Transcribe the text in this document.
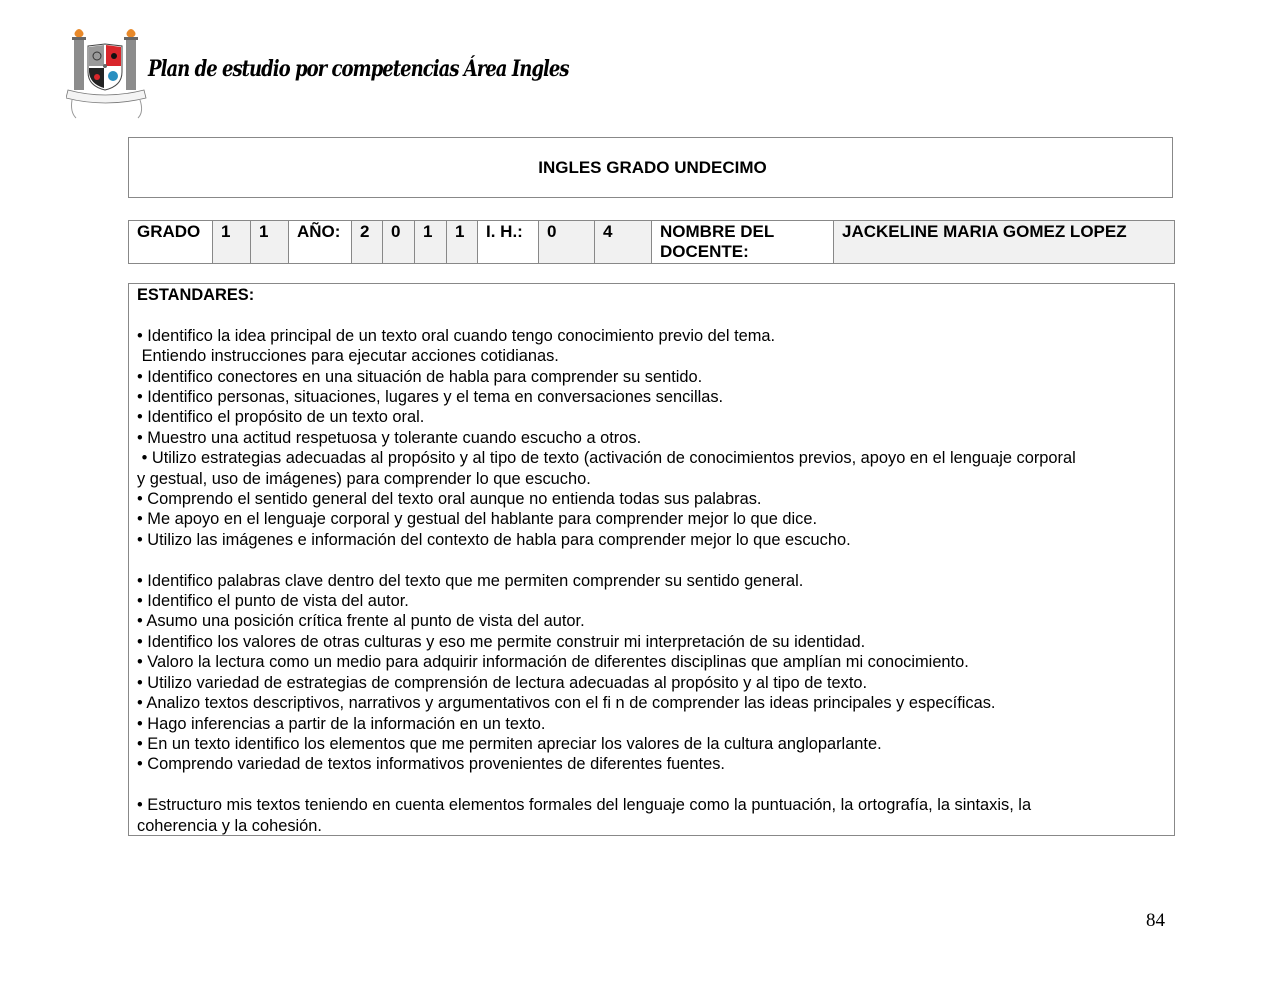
Plan de estudio por competencias Área Ingles
INGLES GRADO UNDECIMO
GRADO	1	1	AÑO:	2	0	1	1	I. H.:	0	4	NOMBRE DEL DOCENTE:	JACKELINE MARIA GOMEZ LOPEZ
ESTANDARES:
• Identifico la idea principal de un texto oral cuando tengo conocimiento previo del tema.
Entiendo instrucciones para ejecutar acciones cotidianas.
• Identifico conectores en una situación de habla para comprender su sentido.
• Identifico personas, situaciones, lugares y el tema en conversaciones sencillas.
• Identifico el propósito de un texto oral.
• Muestro una actitud respetuosa y tolerante cuando escucho a otros.
• Utilizo estrategias adecuadas al propósito y al tipo de texto (activación de conocimientos previos, apoyo en el lenguaje corporal
y gestual, uso de imágenes) para comprender lo que escucho.
• Comprendo el sentido general del texto oral aunque no entienda todas sus palabras.
• Me apoyo en el lenguaje corporal y gestual del hablante para comprender mejor lo que dice.
• Utilizo las imágenes e información del contexto de habla para comprender mejor lo que escucho.
• Identifico palabras clave dentro del texto que me permiten comprender su sentido general.
• Identifico el punto de vista del autor.
• Asumo una posición crítica frente al punto de vista del autor.
• Identifico los valores de otras culturas y eso me permite construir mi interpretación de su identidad.
• Valoro la lectura como un medio para adquirir información de diferentes disciplinas que amplían mi conocimiento.
• Utilizo variedad de estrategias de comprensión de lectura adecuadas al propósito y al tipo de texto.
• Analizo textos descriptivos, narrativos y argumentativos con el fi n de comprender las ideas principales y específicas.
• Hago inferencias a partir de la información en un texto.
• En un texto identifico los elementos que me permiten apreciar los valores de la cultura angloparlante.
• Comprendo variedad de textos informativos provenientes de diferentes fuentes.
• Estructuro mis textos teniendo en cuenta elementos formales del lenguaje como la puntuación, la ortografía, la sintaxis, la
coherencia y la cohesión.
84
